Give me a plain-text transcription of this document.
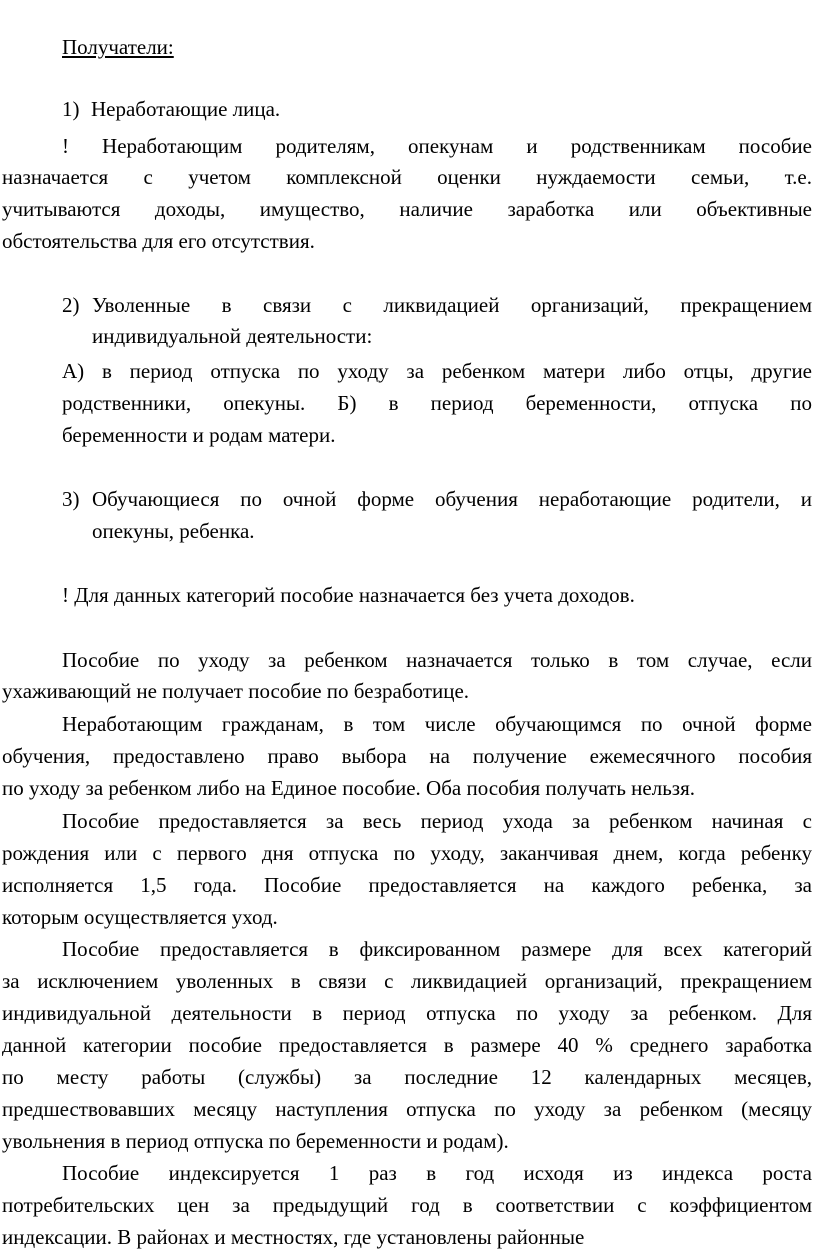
Получатели:
1) Неработающие лица.
! Неработающим родителям, опекунам и родственникам пособие
назначается с учетом комплексной оценки нуждаемости семьи, т.е.
учитываются доходы, имущество, наличие заработка или объективные
обстоятельства для его отсутствия.
2) Уволенные в связи с ликвидацией организаций, прекращением
индивидуальной деятельности:
А) в период отпуска по уходу за ребенком матери либо отцы, другие
родственники, опекуны. Б) в период беременности, отпуска по
беременности и родам матери.
3) Обучающиеся по очной форме обучения неработающие родители, и
опекуны, ребенка.
! Для данных категорий пособие назначается без учета доходов.
Пособие по уходу за ребенком назначается только в том случае, если
ухаживающий не получает пособие по безработице.
Неработающим гражданам, в том числе обучающимся по очной форме
обучения, предоставлено право выбора на получение ежемесячного пособия
по уходу за ребенком либо на Единое пособие. Оба пособия получать нельзя.
Пособие предоставляется за весь период ухода за ребенком начиная с
рождения или с первого дня отпуска по уходу, заканчивая днем, когда ребенку
исполняется 1,5 года. Пособие предоставляется на каждого ребенка, за
которым осуществляется уход.
Пособие предоставляется в фиксированном размере для всех категорий
за исключением уволенных в связи с ликвидацией организаций, прекращением
индивидуальной деятельности в период отпуска по уходу за ребенком. Для
данной категории пособие предоставляется в размере 40 % среднего заработка
по месту работы (службы) за последние 12 календарных месяцев,
предшествовавших месяцу наступления отпуска по уходу за ребенком (месяцу
увольнения в период отпуска по беременности и родам).
Пособие индексируется 1 раз в год исходя из индекса роста
потребительских цен за предыдущий год в соответствии с коэффициентом
индексации. В районах и местностях, где установлены районные
